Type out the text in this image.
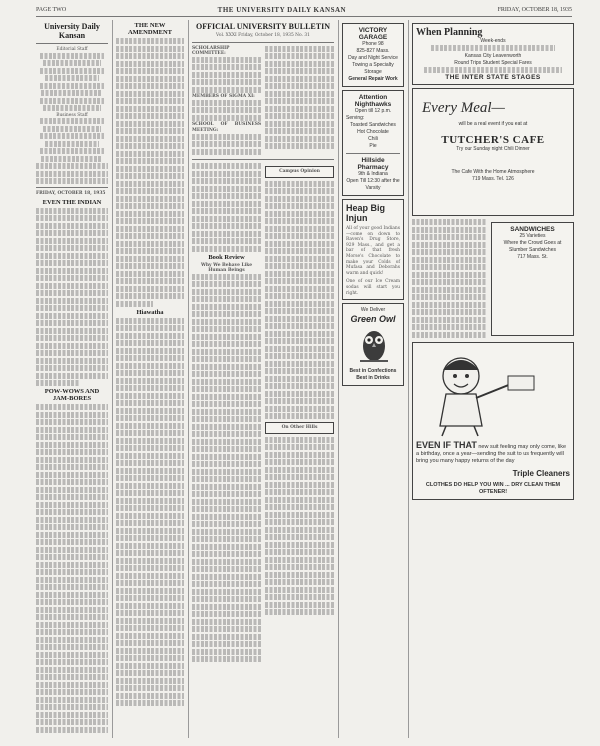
PAGE TWO	THE UNIVERSITY DAILY KANSAN	FRIDAY, OCTOBER 18, 1935
University Daily Kansan
Editorial Staff
Business Staff
FRIDAY, OCTOBER 18, 1935
EVEN THE INDIAN
POW-WOWS AND JAM-BORES
THE NEW AMENDMENT
Hiawatha
OFFICIAL UNIVERSITY BULLETIN
Vol. XXXI Friday, October 18, 1935 No. 31
SCHOLARSHIP COMMITTEE:
MEMBERS OF SIGMA XI:
SCHOOL OF BUSINESS MEETING:
Book Review
Why We Behave Like Human Beings
Campus Opinion
On Other Hills
VICTORY GARAGE
Phone 98
825-827 Mass.
Day and Night Service
Towing a Specialty
Storage
General Repair Work
Attention Nighthawks
Open till 12 p.m.
Serving:
Toasted Sandwiches
Hot Chocolate
Chili
Pie
Hillside Pharmacy
9th & Indiana
Open Till 12:30 after the Varsity
Heap Big Injun
All of your good Indians—come on down to Raven's Drug Store, 929 Mass., and get a bar of that fresh Morse's Chocolate to make your Colds of Mufasa and Deborahs warm and quick!
One of our Ice Cream sodas will start you right.
We Deliver
Green Owl
Best in Confections
Best in Drinks
When Planning
Week-ends
Kansas City Leavenworth
Round Trips Student Special Fares
THE INTER STATE STAGES
Every Meal—
will be a real event if you eat at
TUTCHER'S CAFE
Try our Sunday night Chili Dinner
The Cafe With the Home Atmosphere
719 Mass. Tel. 126
SANDWICHES
25 Varieties
Where the Crowd Goes at Slumber Sandwiches
717 Mass. St.
EVEN IF THAT new suit feeling may only come, like a birthday, once a year—sending the suit to us frequently will bring you many happy returns of the day
Triple Cleaners
CLOTHES DO HELP YOU WIN ... DRY CLEAN THEM OFTENER!
